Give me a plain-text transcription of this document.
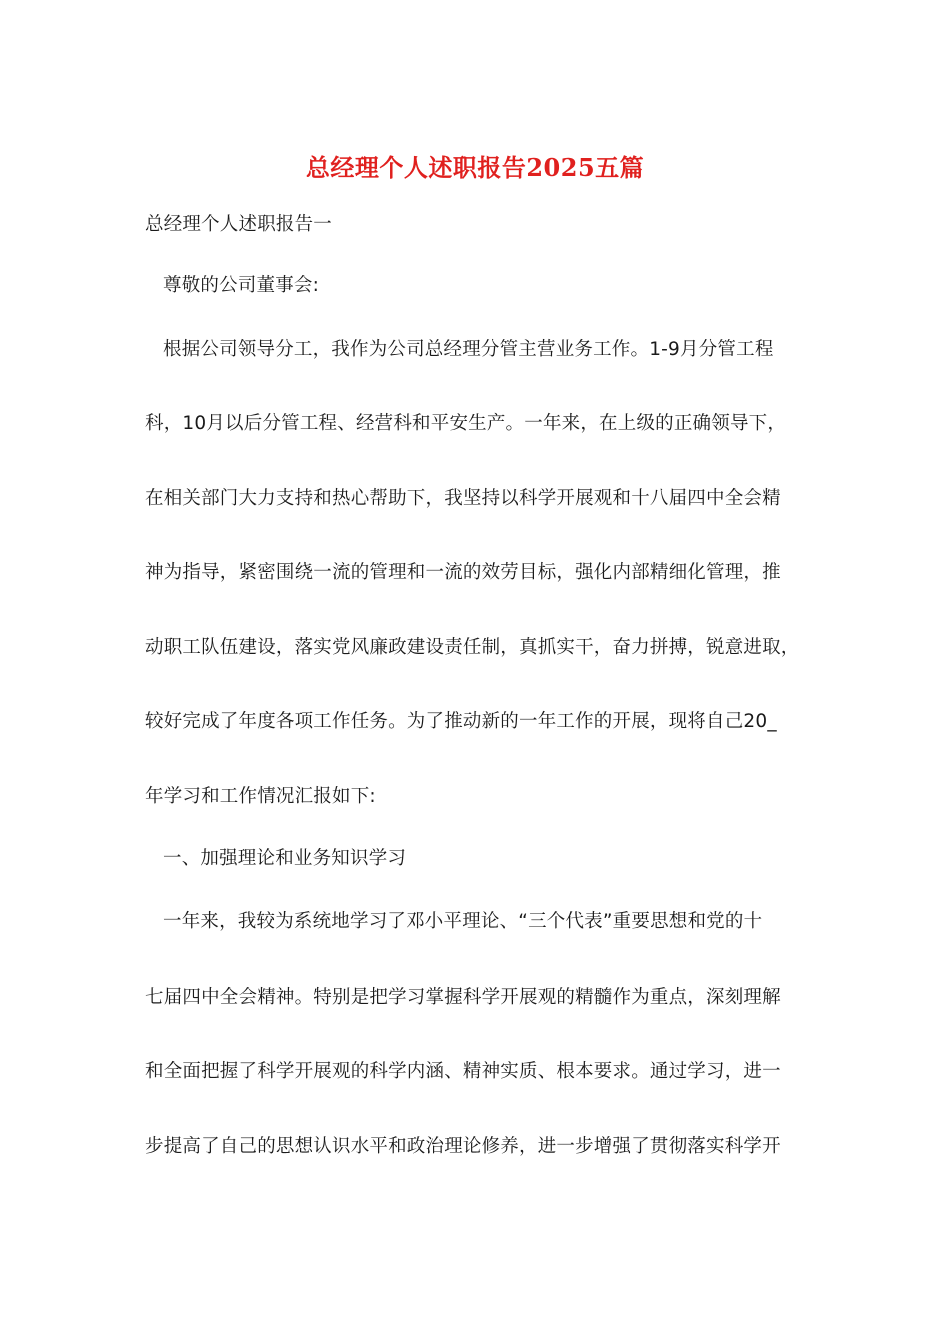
总经理个人述职报告2025五篇
总经理个人述职报告一
尊敬的公司董事会:
根据公司领导分工，我作为公司总经理分管主营业务工作。1-9月分管工程
科，10月以后分管工程、经营科和平安生产。一年来，在上级的正确领导下，
在相关部门大力支持和热心帮助下，我坚持以科学开展观和十八届四中全会精
神为指导，紧密围绕一流的管理和一流的效劳目标，强化内部精细化管理，推
动职工队伍建设，落实党风廉政建设责任制，真抓实干，奋力拼搏，锐意进取，
较好完成了年度各项工作任务。为了推动新的一年工作的开展，现将自己20_
年学习和工作情况汇报如下:
一、加强理论和业务知识学习
一年来，我较为系统地学习了邓小平理论、“三个代表”重要思想和党的十
七届四中全会精神。特别是把学习掌握科学开展观的精髓作为重点，深刻理解
和全面把握了科学开展观的科学内涵、精神实质、根本要求。通过学习，进一
步提高了自己的思想认识水平和政治理论修养，进一步增强了贯彻落实科学开
